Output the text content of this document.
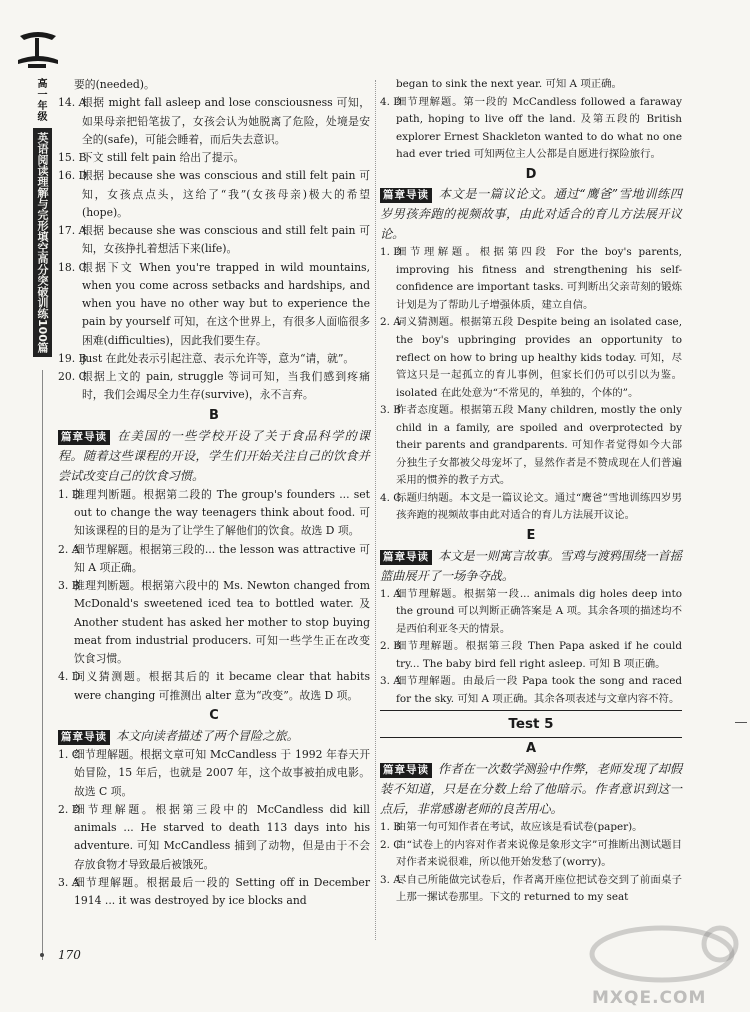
高一年级
英语阅读理解与完形填空高分突破训练100篇
要的(needed)。
14. A
根据 might fall asleep and lose consciousness 可知，如果母亲把铅笔拔了，女孩会认为她脱离了危险，处境是安全的(safe)，可能会睡着，而后失去意识。
15. B
下文 still felt pain 给出了提示。
16. D
根据 because she was conscious and still felt pain 可知，女孩点点头，这给了“我”(女孩母亲)极大的希望(hope)。
17. A
根据 because she was conscious and still felt pain 可知，女孩挣扎着想活下来(life)。
18. C
根据下文 When you're trapped in wild mountains, when you come across setbacks and hardships, and when you have no other way but to experience the pain by yourself 可知，在这个世界上，有很多人面临很多困难(difficulties)，因此我们要生存。
19. B
just 在此处表示引起注意、表示允许等，意为“请，就”。
20. C
根据上文的 pain, struggle 等词可知，当我们感到疼痛时，我们会竭尽全力生存(survive)，永不言弃。
B
篇章导读 在美国的一些学校开设了关于食品科学的课程。随着这些课程的开设，学生们开始关注自己的饮食并尝试改变自己的饮食习惯。
1. D
推理判断题。根据第二段的 The group's founders ... set out to change the way teenagers think about food. 可知该课程的目的是为了让学生了解他们的饮食。故选 D 项。
2. A
细节理解题。根据第三段的... the lesson was attractive 可知 A 项正确。
3. B
推理判断题。根据第六段中的 Ms. Newton changed from McDonald's sweetened iced tea to bottled water. 及 Another student has asked her mother to stop buying meat from industrial producers. 可知一些学生正在改变饮食习惯。
4. D
词义猜测题。根据其后的 it became clear that habits were changing 可推测出 alter 意为“改变”。故选 D 项。
C
篇章导读 本文向读者描述了两个冒险之旅。
1. C
细节理解题。根据文章可知 McCandless 于 1992 年春天开始冒险，15 年后，也就是 2007 年，这个故事被拍成电影。故选 C 项。
2. D
细节理解题。根据第三段中的 McCandless did kill animals ... He starved to death 113 days into his adventure. 可知 McCandless 捕到了动物，但是由于不会存放食物才导致最后被饿死。
3. A
细节理解题。根据最后一段的 Setting off in December 1914 ... it was destroyed by ice blocks and
began to sink the next year. 可知 A 项正确。
4. D
细节理解题。第一段的 McCandless followed a faraway path, hoping to live off the land. 及第五段的 British explorer Ernest Shackleton wanted to do what no one had ever tried 可知两位主人公都是自愿进行探险旅行。
D
篇章导读 本文是一篇议论文。通过“鹰爸”雪地训练四岁男孩奔跑的视频故事，由此对适合的育儿方法展开议论。
1. D
细节理解题。根据第四段 For the boy's parents, improving his fitness and strengthening his self-confidence are important tasks. 可判断出父亲苛刻的锻炼计划是为了帮助儿子增强体质，建立自信。
2. A
词义猜测题。根据第五段 Despite being an isolated case, the boy's upbringing provides an opportunity to reflect on how to bring up healthy kids today. 可知，尽管这只是一起孤立的育儿事例，但家长们仍可以引以为鉴。isolated 在此处意为“不常见的，单独的，个体的”。
3. B
作者态度题。根据第五段 Many children, mostly the only child in a family, are spoiled and overprotected by their parents and grandparents. 可知作者觉得如今大部分独生子女都被父母宠坏了，显然作者是不赞成现在人们普遍采用的惯养的教子方式。
4. C
标题归纳题。本文是一篇议论文。通过“鹰爸”雪地训练四岁男孩奔跑的视频故事由此对适合的育儿方法展开议论。
E
篇章导读 本文是一则寓言故事。雪鸡与渡鸦围绕一首摇篮曲展开了一场争夺战。
1. A
细节理解题。根据第一段... animals dig holes deep into the ground 可以判断正确答案是 A 项。其余各项的描述均不是西伯利亚冬天的情景。
2. B
细节理解题。根据第三段 Then Papa asked if he could try... The baby bird fell right asleep. 可知 B 项正确。
3. A
细节理解题。由最后一段 Papa took the song and raced for the sky. 可知 A 项正确。其余各项表述与文章内容不符。
Test 5
A
篇章导读 作者在一次数学测验中作弊，老师发现了却假装不知道，只是在分数上给了他暗示。作者意识到这一点后，非常感谢老师的良苦用心。
1. B
由第一句可知作者在考试，故应该是看试卷(paper)。
2. C
由“试卷上的内容对作者来说像是象形文字”可推断出测试题目对作者来说很难，所以他开始发愁了(worry)。
3. A
尽自己所能做完试卷后，作者离开座位把试卷交到了前面桌子上那一摞试卷那里。下文的 returned to my seat
170
MXQE.COM
